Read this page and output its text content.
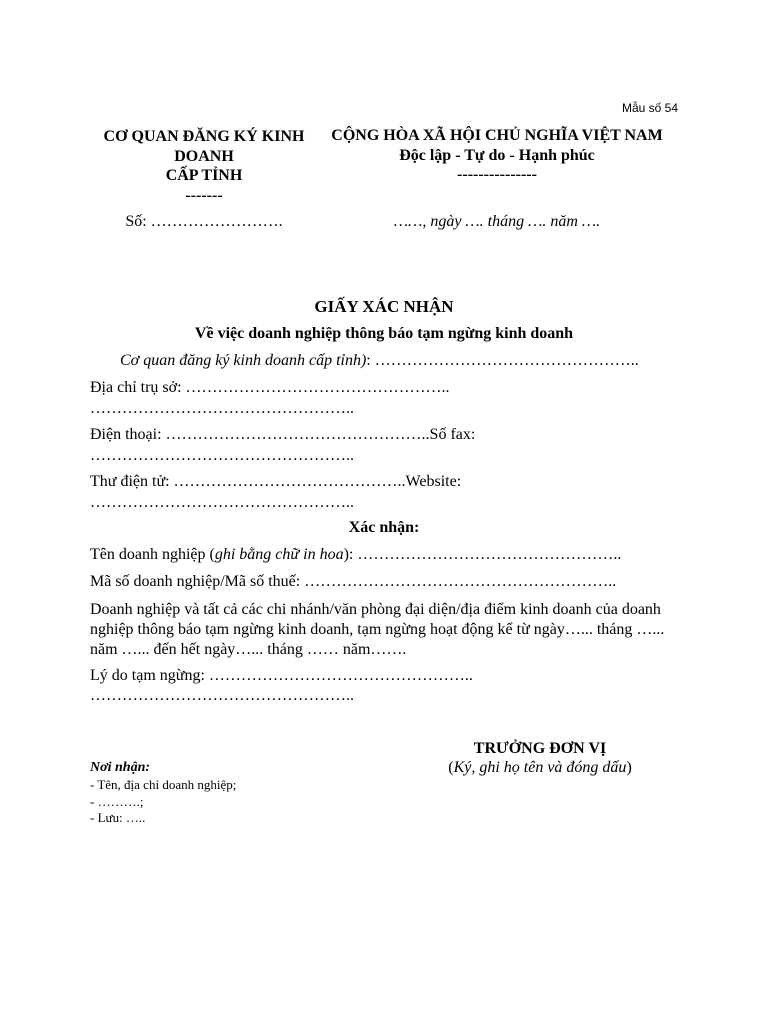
Mẫu số 54
CƠ QUAN ĐĂNG KÝ KINH DOANH
CẤP TỈNH
-------
CỘNG HÒA XÃ HỘI CHỦ NGHĨA VIỆT NAM
Độc lập - Tự do - Hạnh phúc
---------------
Số: …………………….	……, ngày …. tháng …. năm ….
GIẤY XÁC NHẬN
Về việc doanh nghiệp thông báo tạm ngừng kinh doanh
Cơ quan đăng ký kinh doanh cấp tỉnh): …………………………………………..
Địa chỉ trụ sở: …………………………………………..
…………………………………………..
Điện thoại: …………………………………………..Số fax:
…………………………………………..
Thư điện tử: ……………………………………..Website:
…………………………………………..
Xác nhận:
Tên doanh nghiệp (ghi bằng chữ in hoa): …………………………………………..
Mã số doanh nghiệp/Mã số thuế: …………………………………………………..
Doanh nghiệp và tất cả các chi nhánh/văn phòng đại diện/địa điểm kinh doanh của doanh nghiệp thông báo tạm ngừng kinh doanh, tạm ngừng hoạt động kể từ ngày…... tháng …... năm …... đến hết ngày…... tháng …… năm…….
Lý do tạm ngừng: …………………………………………..
…………………………………………..
TRƯỞNG ĐƠN VỊ
(Ký, ghi họ tên và đóng dấu)
Nơi nhận:
- Tên, địa chỉ doanh nghiệp;
- ……….;
- Lưu: …..
